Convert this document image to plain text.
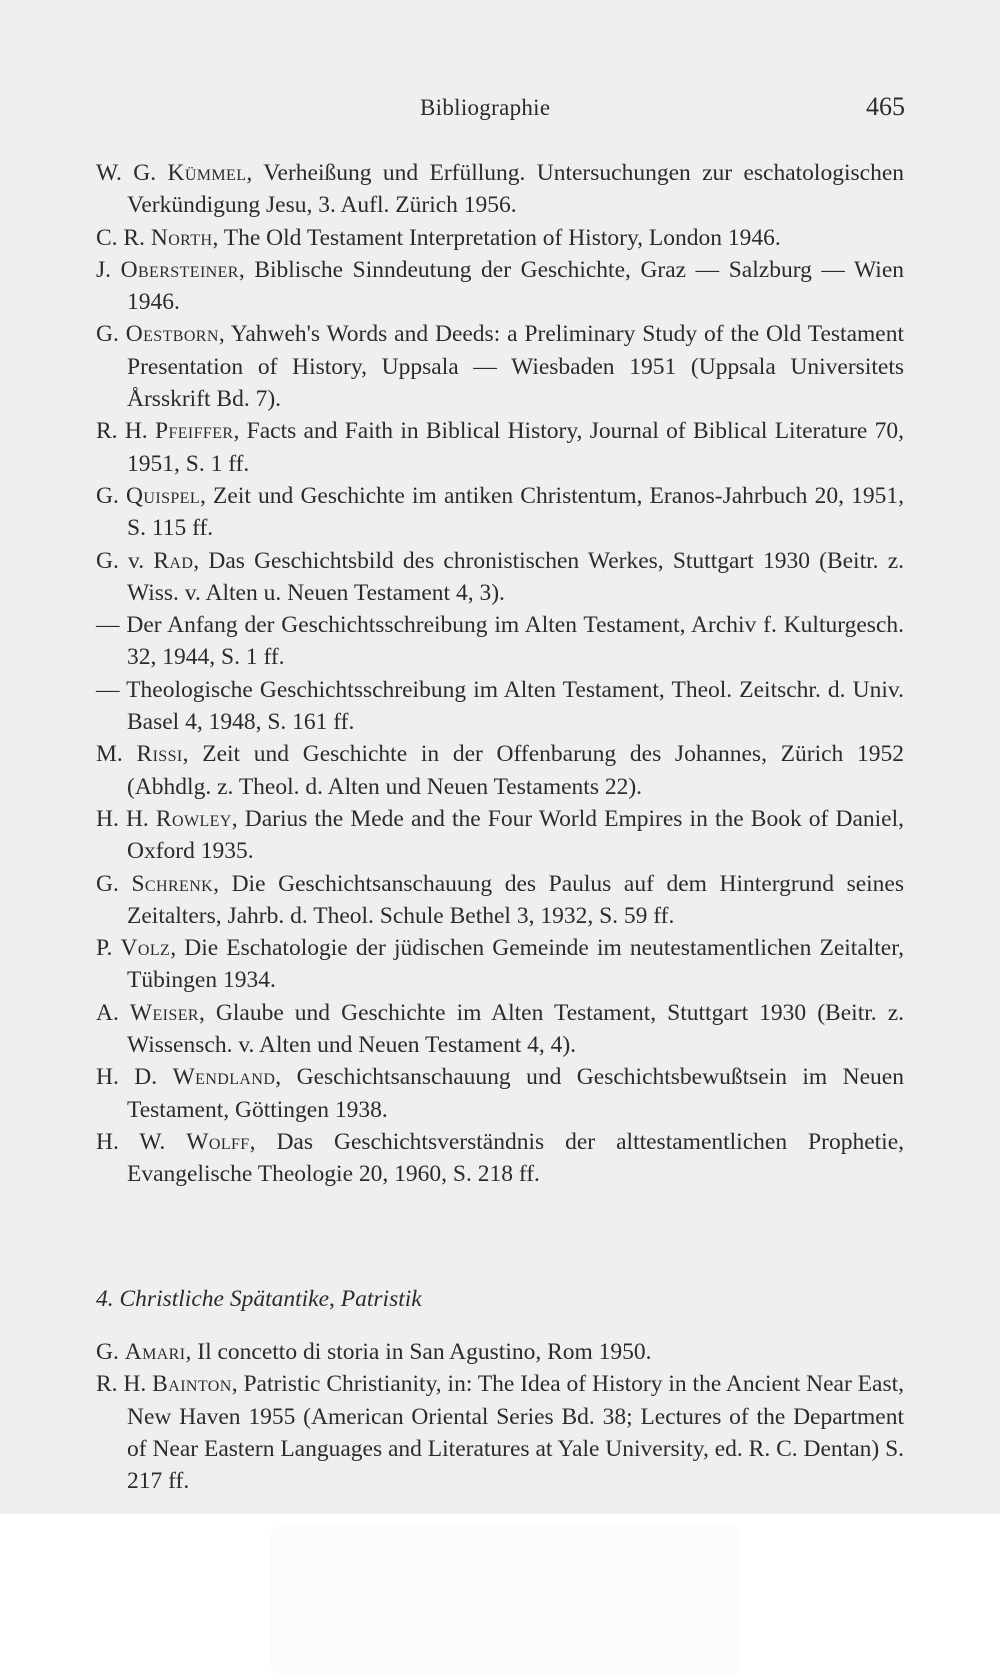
Bibliographie	465
W. G. Kümmel, Verheißung und Erfüllung. Untersuchungen zur eschatologischen Verkündigung Jesu, 3. Aufl. Zürich 1956.
C. R. North, The Old Testament Interpretation of History, London 1946.
J. Obersteiner, Biblische Sinndeutung der Geschichte, Graz — Salzburg — Wien 1946.
G. Oestborn, Yahweh's Words and Deeds: a Preliminary Study of the Old Testament Presentation of History, Uppsala — Wiesbaden 1951 (Uppsala Universitets Årsskrift Bd. 7).
R. H. Pfeiffer, Facts and Faith in Biblical History, Journal of Biblical Literature 70, 1951, S. 1 ff.
G. Quispel, Zeit und Geschichte im antiken Christentum, Eranos-Jahrbuch 20, 1951, S. 115 ff.
G. v. Rad, Das Geschichtsbild des chronistischen Werkes, Stuttgart 1930 (Beitr. z. Wiss. v. Alten u. Neuen Testament 4, 3).
— Der Anfang der Geschichtsschreibung im Alten Testament, Archiv f. Kulturgesch. 32, 1944, S. 1 ff.
— Theologische Geschichtsschreibung im Alten Testament, Theol. Zeitschr. d. Univ. Basel 4, 1948, S. 161 ff.
M. Rissi, Zeit und Geschichte in der Offenbarung des Johannes, Zürich 1952 (Abhdlg. z. Theol. d. Alten und Neuen Testaments 22).
H. H. Rowley, Darius the Mede and the Four World Empires in the Book of Daniel, Oxford 1935.
G. Schrenk, Die Geschichtsanschauung des Paulus auf dem Hintergrund seines Zeitalters, Jahrb. d. Theol. Schule Bethel 3, 1932, S. 59 ff.
P. Volz, Die Eschatologie der jüdischen Gemeinde im neutestamentlichen Zeitalter, Tübingen 1934.
A. Weiser, Glaube und Geschichte im Alten Testament, Stuttgart 1930 (Beitr. z. Wissensch. v. Alten und Neuen Testament 4, 4).
H. D. Wendland, Geschichtsanschauung und Geschichtsbewußtsein im Neuen Testament, Göttingen 1938.
H. W. Wolff, Das Geschichtsverständnis der alttestamentlichen Prophetie, Evangelische Theologie 20, 1960, S. 218 ff.
4. Christliche Spätantike, Patristik
G. Amari, Il concetto di storia in San Agustino, Rom 1950.
R. H. Bainton, Patristic Christianity, in: The Idea of History in the Ancient Near East, New Haven 1955 (American Oriental Series Bd. 38; Lectures of the Department of Near Eastern Languages and Literatures at Yale University, ed. R. C. Dentan) S. 217 ff.
